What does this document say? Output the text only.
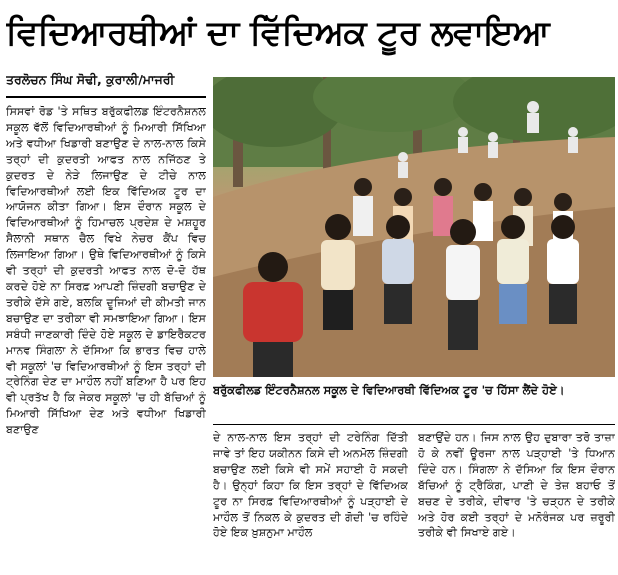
ਵਿਦਿਆਰਥੀਆਂ ਦਾ ਵਿੱਦਿਅਕ ਟੂਰ ਲਵਾਇਆ
ਤਰਲੋਚਨ ਸਿੰਘ ਸੋਢੀ, ਕੁਰਾਲੀ/ਮਾਜਰੀ
ਸਿਸਵਾਂ ਰੋਡ 'ਤੇ ਸਥਿਤ ਬਰੁੱਕਫੀਲਡ ਇੰਟਰਨੈਸ਼ਨਲ ਸਕੂਲ ਵੱਲੋਂ ਵਿਦਿਆਰਥੀਆਂ ਨੂੰ ਮਿਆਰੀ ਸਿੱਖਿਆ ਅਤੇ ਵਧੀਆ ਖਿਡਾਰੀ ਬਣਾਉਣ ਦੇ ਨਾਲ-ਨਾਲ ਕਿਸੇ ਤਰ੍ਹਾਂ ਦੀ ਕੁਦਰਤੀ ਆਫਤ ਨਾਲ ਨਜਿੱਠਣ ਤੇ ਕੁਦਰਤ ਦੇ ਨੇੜੇ ਲਿਜਾਉਣ ਦੇ ਟੀਚੇ ਨਾਲ ਵਿਦਿਆਰਥੀਆਂ ਲਈ ਇਕ ਵਿੱਦਿਅਕ ਟੂਰ ਦਾ ਆਯੋਜਨ ਕੀਤਾ ਗਿਆ। ਇਸ ਦੌਰਾਨ ਸਕੂਲ ਦੇ ਵਿਦਿਆਰਥੀਆਂ ਨੂੰ ਹਿਮਾਚਲ ਪ੍ਰਦੇਸ਼ ਦੇ ਮਸ਼ਹੂਰ ਸੈਲਾਨੀ ਸਥਾਨ ਚੈਲ ਵਿਖੇ ਨੇਚਰ ਕੈਂਪ ਵਿਚ ਲਿਜਾਇਆ ਗਿਆ। ਉਥੇ ਵਿਦਿਆਰਥੀਆਂ ਨੂੰ ਕਿਸੇ ਵੀ ਤਰ੍ਹਾਂ ਦੀ ਕੁਦਰਤੀ ਆਫਤ ਨਾਲ ਦੋ-ਦੋ ਹੱਥ ਕਰਦੇ ਹੋਏ ਨਾ ਸਿਰਫ਼ ਆਪਣੀ ਜ਼ਿੰਦਗੀ ਬਚਾਉਣ ਦੇ ਤਰੀਕੇ ਦੱਸੇ ਗਏ, ਬਲਕਿ ਦੂਜਿਆਂ ਦੀ ਕੀਮਤੀ ਜਾਨ ਬਚਾਉਣ ਦਾ ਤਰੀਕਾ ਵੀ ਸਮਝਾਇਆ ਗਿਆ। ਇਸ ਸਬੰਧੀ ਜਾਣਕਾਰੀ ਦਿੰਦੇ ਹੋਏ ਸਕੂਲ ਦੇ ਡਾਇਰੈਕਟਰ ਮਾਨਵ ਸਿੰਗਲਾ ਨੇ ਦੱਸਿਆ ਕਿ ਭਾਰਤ ਵਿਚ ਹਾਲੇ ਵੀ ਸਕੂਲਾਂ 'ਚ ਵਿਦਿਆਰਥੀਆਂ ਨੂੰ ਇਸ ਤਰ੍ਹਾਂ ਦੀ ਟ੍ਰੇਨਿੰਗ ਦੇਣ ਦਾ ਮਾਹੌਲ ਨਹੀਂ ਬਣਿਆ ਹੈ ਪਰ ਇਹ ਵੀ ਪ੍ਰਤੱਖ ਹੈ ਕਿ ਜੇਕਰ ਸਕੂਲਾਂ 'ਚ ਹੀ ਬੱਚਿਆਂ ਨੂੰ ਮਿਆਰੀ ਸਿੱਖਿਆ ਦੇਣ ਅਤੇ ਵਧੀਆ ਖਿਡਾਰੀ ਬਣਾਉਣ
ਬਰੁੱਕਫੀਲਡ ਇੰਟਰਨੈਸ਼ਨਲ ਸਕੂਲ ਦੇ ਵਿਦਿਆਰਥੀ ਵਿੱਦਿਅਕ ਟੂਰ 'ਚ ਹਿੱਸਾ ਲੈਂਦੇ ਹੋਏ।
ਦੇ ਨਾਲ-ਨਾਲ ਇਸ ਤਰ੍ਹਾਂ ਦੀ ਟਰੇਨਿੰਗ ਦਿੱਤੀ ਜਾਵੇ ਤਾਂ ਇਹ ਯਕੀਨਨ ਕਿਸੇ ਦੀ ਅਨਮੋਲ ਜ਼ਿੰਦਗੀ ਬਚਾਉਣ ਲਈ ਕਿਸੇ ਵੀ ਸਮੇਂ ਸਹਾਈ ਹੋ ਸਕਦੀ ਹੈ। ਉਨ੍ਹਾਂ ਕਿਹਾ ਕਿ ਇਸ ਤਰ੍ਹਾਂ ਦੇ ਵਿੱਦਿਅਕ ਟੂਰ ਨਾ ਸਿਰਫ਼ ਵਿਦਿਆਰਥੀਆਂ ਨੂੰ ਪੜ੍ਹਾਈ ਦੇ ਮਾਹੌਲ ਤੋਂ ਨਿਕਲ ਕੇ ਕੁਦਰਤ ਦੀ ਗੋਦੀ 'ਚ ਰਹਿੰਦੇ ਹੋਏ ਇਕ ਖ਼ੁਸ਼ਨੁਮਾ ਮਾਹੌਲ
ਬਣਾਉਂਦੇ ਹਨ। ਜਿਸ ਨਾਲ ਉਹ ਦੁਬਾਰਾ ਤਰੋ ਤਾਜ਼ਾ ਹੋ ਕੇ ਨਵੀਂ ਊਰਜਾ ਨਾਲ ਪੜ੍ਹਾਈ 'ਤੇ ਧਿਆਨ ਦਿੰਦੇ ਹਨ। ਸਿੰਗਲਾ ਨੇ ਦੱਸਿਆ ਕਿ ਇਸ ਦੌਰਾਨ ਬੱਚਿਆਂ ਨੂੰ ਟ੍ਰੈਕਿੰਗ, ਪਾਣੀ ਦੇ ਤੇਜ਼ ਬਹਾਓ ਤੋਂ ਬਚਣ ਦੇ ਤਰੀਕੇ, ਦੀਵਾਰ 'ਤੇ ਚੜ੍ਹਨ ਦੇ ਤਰੀਕੇ ਅਤੇ ਹੋਰ ਕਈ ਤਰ੍ਹਾਂ ਦੇ ਮਨੋਰੰਜਕ ਪਰ ਜ਼ਰੂਰੀ ਤਰੀਕੇ ਵੀ ਸਿਖਾਏ ਗਏ।
